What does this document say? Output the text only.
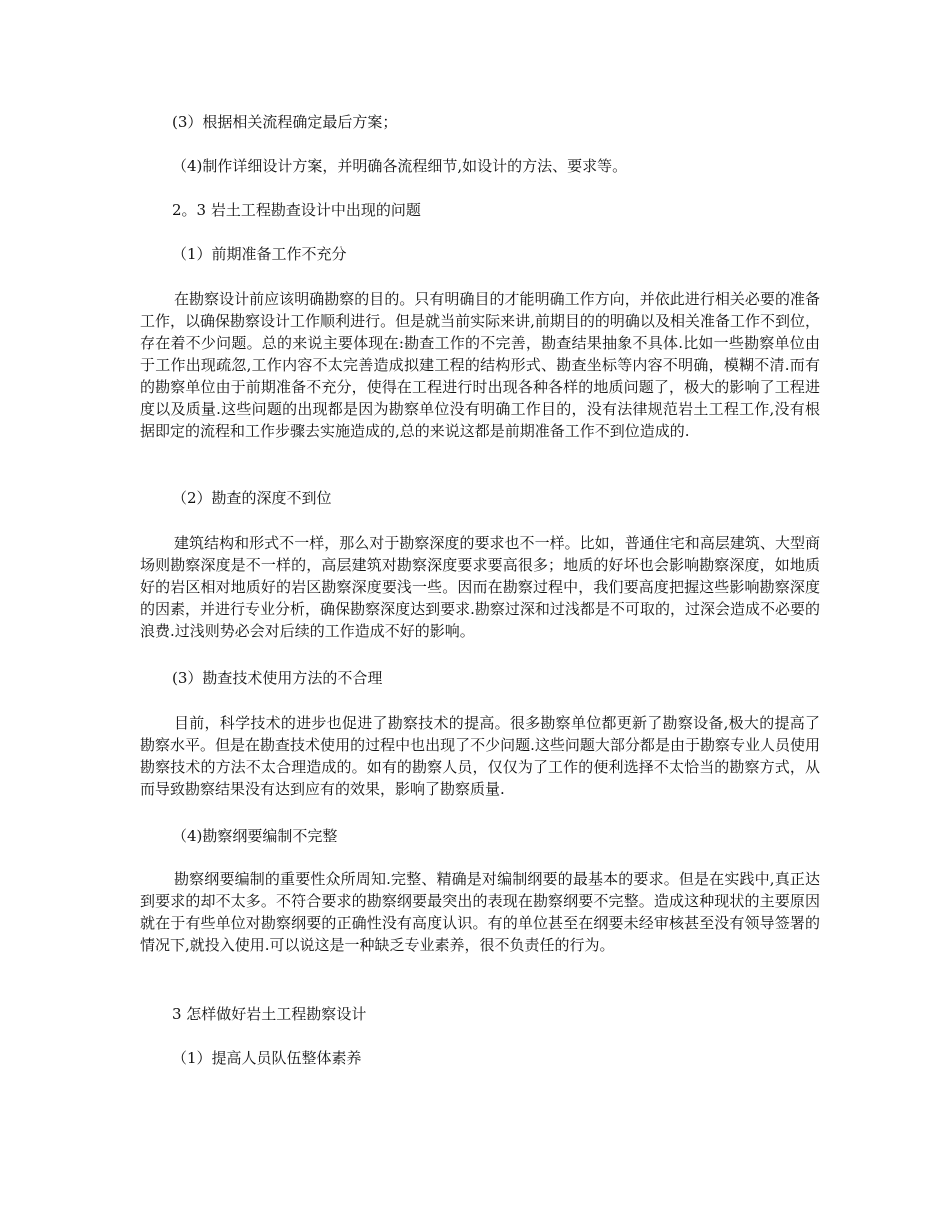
(3）根据相关流程确定最后方案；
（4)制作详细设计方案，并明确各流程细节,如设计的方法、要求等。
2。3 岩土工程勘查设计中出现的问题
（1）前期准备工作不充分

在勘察设计前应该明确勘察的目的。只有明确目的才能明确工作方向，并依此进行相关必要的准备工作，以确保勘察设计工作顺利进行。但是就当前实际来讲,前期目的的明确以及相关准备工作不到位，存在着不少问题。总的来说主要体现在:勘查工作的不完善，勘查结果抽象不具体.比如一些勘察单位由于工作出现疏忽,工作内容不太完善造成拟建工程的结构形式、勘查坐标等内容不明确，模糊不清.而有的勘察单位由于前期准备不充分，使得在工程进行时出现各种各样的地质问题了，极大的影响了工程进度以及质量.这些问题的出现都是因为勘察单位没有明确工作目的，没有法律规范岩土工程工作,没有根据即定的流程和工作步骤去实施造成的,总的来说这都是前期准备工作不到位造成的.

（2）勘查的深度不到位

建筑结构和形式不一样，那么对于勘察深度的要求也不一样。比如，普通住宅和高层建筑、大型商场则勘察深度是不一样的，高层建筑对勘察深度要求要高很多；地质的好坏也会影响勘察深度，如地质好的岩区相对地质好的岩区勘察深度要浅一些。因而在勘察过程中，我们要高度把握这些影响勘察深度的因素，并进行专业分析，确保勘察深度达到要求.勘察过深和过浅都是不可取的，过深会造成不必要的浪费.过浅则势必会对后续的工作造成不好的影响。

(3）勘查技术使用方法的不合理

目前，科学技术的进步也促进了勘察技术的提高。很多勘察单位都更新了勘察设备,极大的提高了勘察水平。但是在勘查技术使用的过程中也出现了不少问题.这些问题大部分都是由于勘察专业人员使用勘察技术的方法不太合理造成的。如有的勘察人员，仅仅为了工作的便利选择不太恰当的勘察方式，从而导致勘察结果没有达到应有的效果，影响了勘察质量.

（4)勘察纲要编制不完整

勘察纲要编制的重要性众所周知.完整、精确是对编制纲要的最基本的要求。但是在实践中,真正达到要求的却不太多。不符合要求的勘察纲要最突出的表现在勘察纲要不完整。造成这种现状的主要原因就在于有些单位对勘察纲要的正确性没有高度认识。有的单位甚至在纲要未经审核甚至没有领导签署的情况下,就投入使用.可以说这是一种缺乏专业素养，很不负责任的行为。

3 怎样做好岩土工程勘察设计
（1）提高人员队伍整体素养
